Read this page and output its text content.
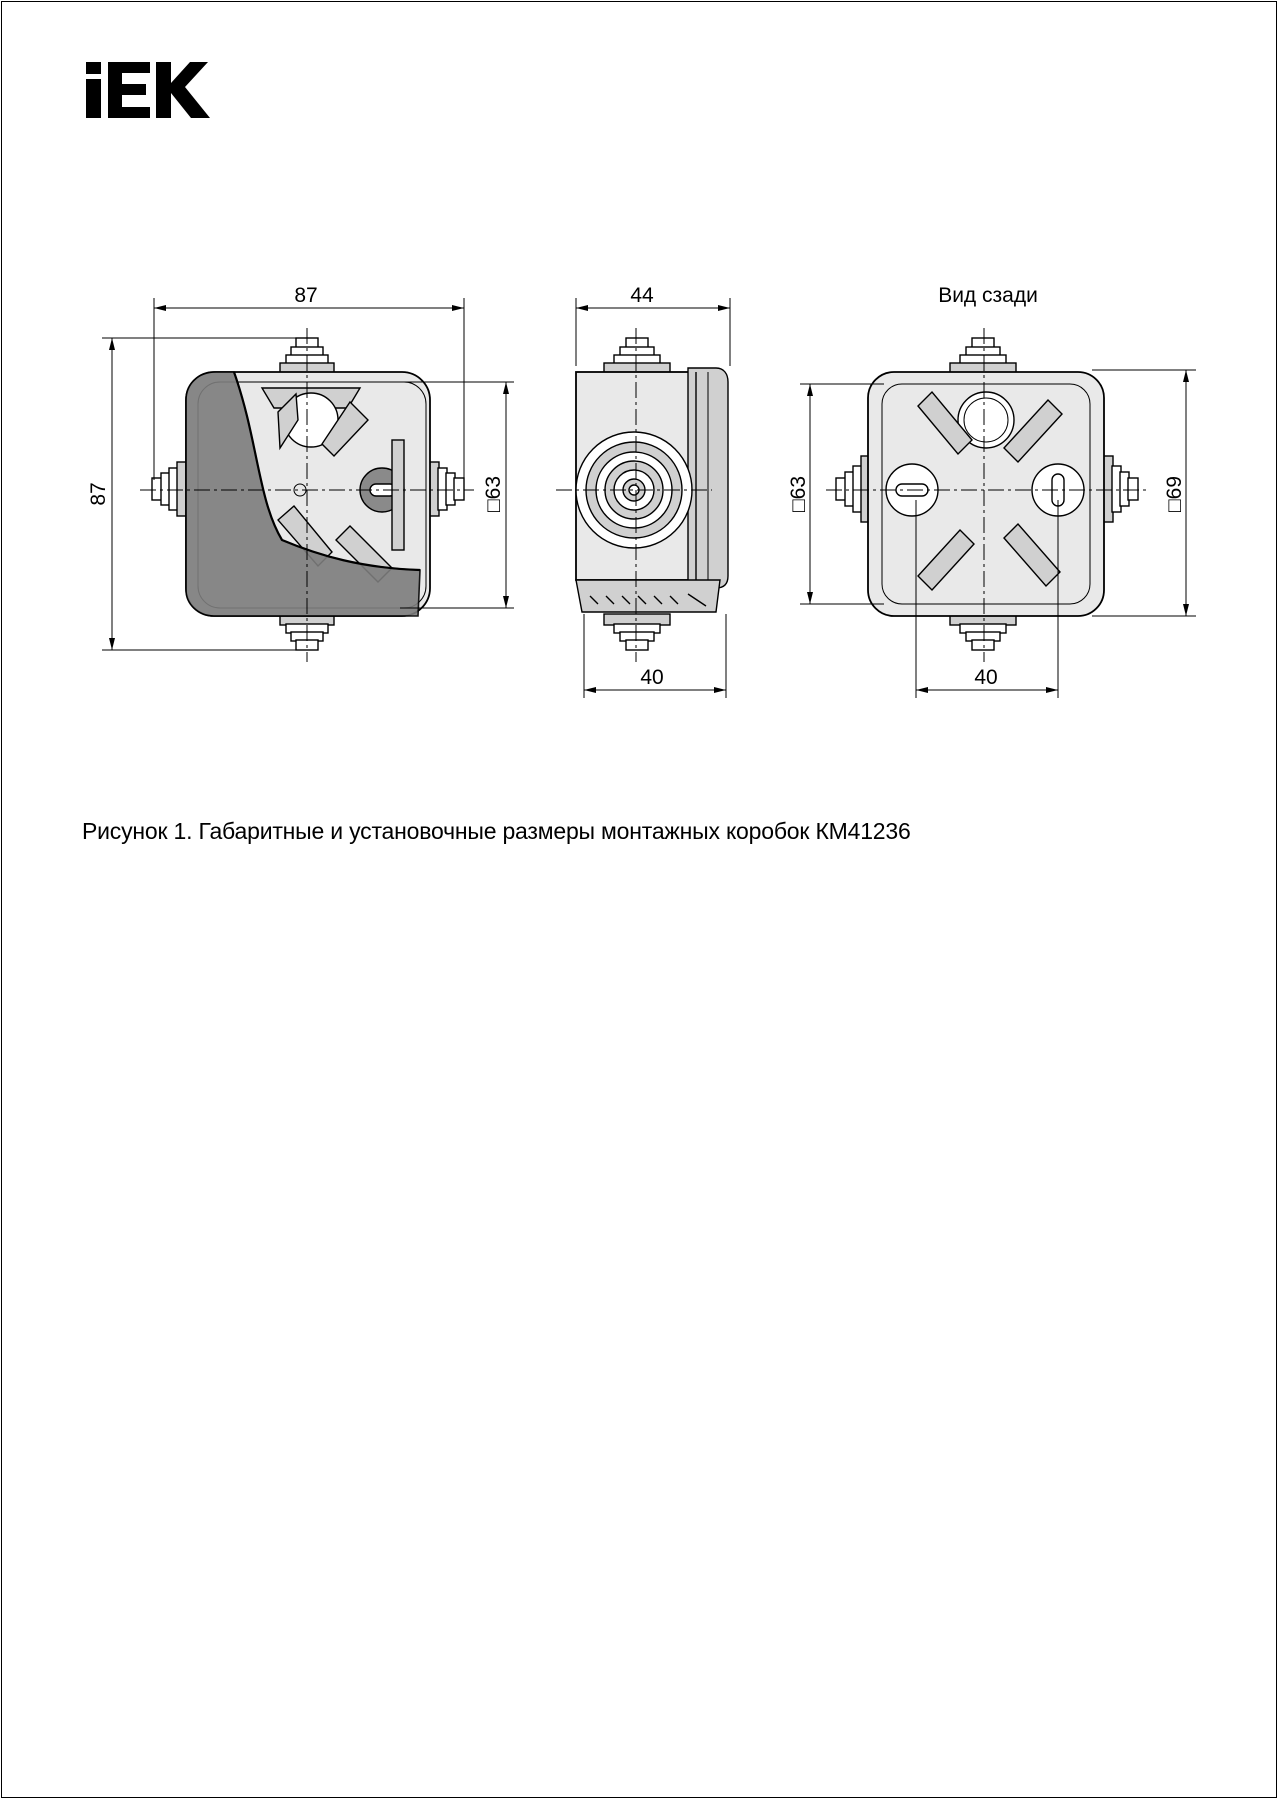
87
87	□63
44
40
Вид сзади
□63	□69
40
Рисунок 1. Габаритные и установочные размеры монтажных коробок КМ41236
